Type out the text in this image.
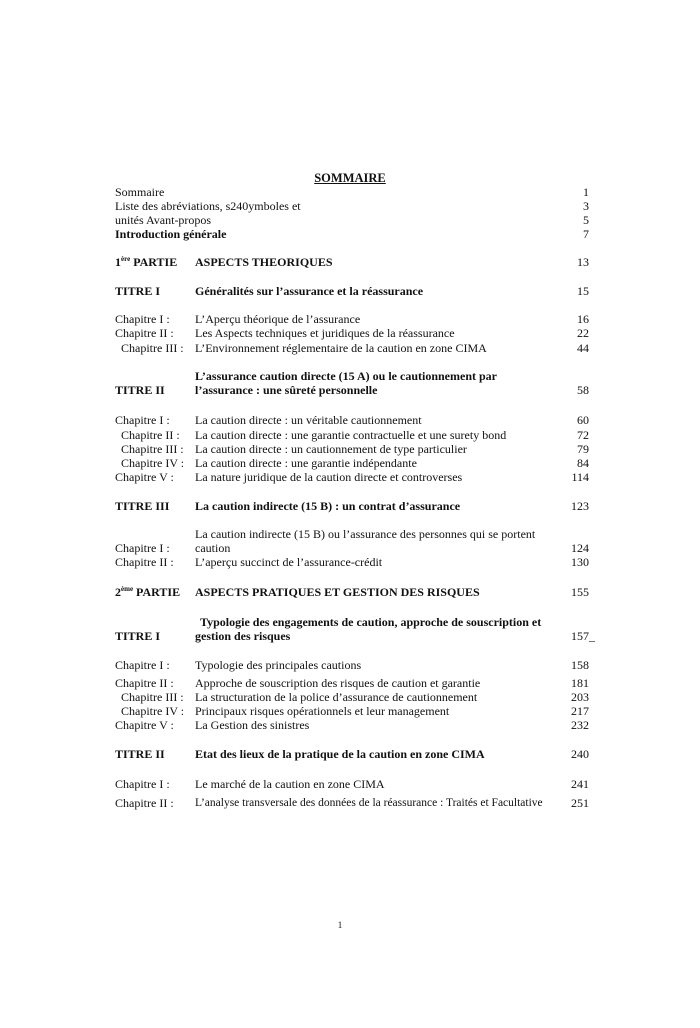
SOMMAIRE
Sommaire	1
Liste des abréviations, s240ymboles et	3
unités Avant-propos	5
Introduction générale	7
1ère PARTIE ASPECTS THEORIQUES	13
TITRE I	Généralités sur l’assurance et la réassurance	15
Chapitre I : L’Aperçu théorique de l’assurance	16
Chapitre II : Les Aspects techniques et juridiques de la réassurance	22
Chapitre III : L’Environnement réglementaire de la caution en zone CIMA	44
L’assurance caution directe (15 A) ou le cautionnement par
TITRE II	l’assurance : une sûreté personnelle	58
Chapitre I : La caution directe : un véritable cautionnement	60
Chapitre II : La caution directe : une garantie contractuelle et une surety bond	72
Chapitre III : La caution directe : un cautionnement de type particulier	79
Chapitre IV : La caution directe : une garantie indépendante	84
Chapitre V : La nature juridique de la caution directe et controverses	114
TITRE III La caution indirecte (15 B) : un contrat d’assurance	123
La caution indirecte (15 B) ou l’assurance des personnes qui se portent
Chapitre I : caution	124
Chapitre II : L’aperçu succinct de l’assurance-crédit	130
2ème PARTIE ASPECTS PRATIQUES ET GESTION DES RISQUES	155
Typologie des engagements de caution, approche de souscription et
TITRE I	gestion des risques	157_
Chapitre I : Typologie des principales cautions	158
Chapitre II : Approche de souscription des risques de caution et garantie	181
Chapitre III : La structuration de la police d’assurance de cautionnement	203
Chapitre IV : Principaux risques opérationnels et leur management	217
Chapitre V : La Gestion des sinistres	232
TITRE II	Etat des lieux de la pratique de la caution en zone CIMA	240
Chapitre I : Le marché de la caution en zone CIMA	241
Chapitre II : L’analyse transversale des données de la réassurance : Traités et Facultative	251
1
